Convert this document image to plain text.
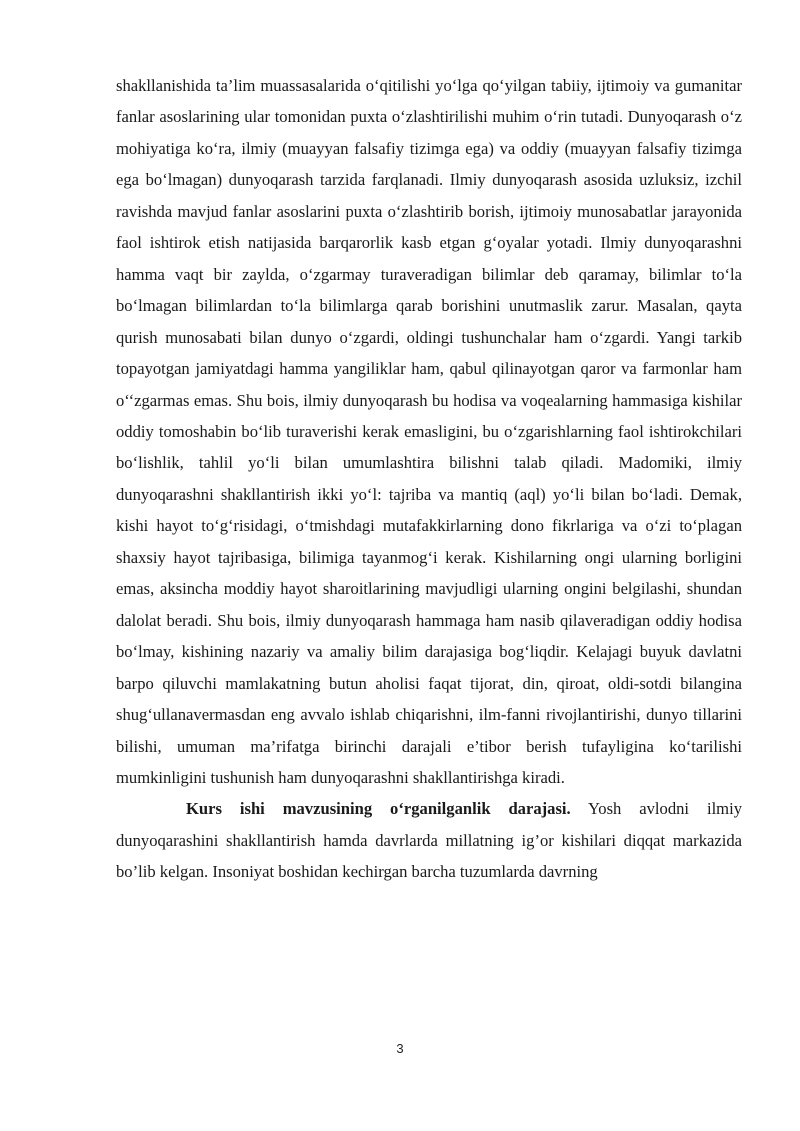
shakllanishida ta’lim muassasalarida o‘qitilishi yo‘lga qo‘yilgan tabiiy, ijtimoiy va gumanitar fanlar asoslarining ular tomonidan puxta o‘zlashtirilishi muhim o‘rin tutadi. Dunyoqarash o‘z mohiyatiga ko‘ra, ilmiy (muayyan falsafiy tizimga ega) va oddiy (muayyan falsafiy tizimga ega bo‘lmagan) dunyoqarash tarzida farqlanadi. Ilmiy dunyoqarash asosida uzluksiz, izchil ravishda mavjud fanlar asoslarini puxta o‘zlashtirib borish, ijtimoiy munosabatlar jarayonida faol ishtirok etish natijasida barqarorlik kasb etgan g‘oyalar yotadi. Ilmiy dunyoqarashni hamma vaqt bir zaylda, o‘zgarmay turaveradigan bilimlar deb qaramay, bilimlar to‘la bo‘lmagan bilimlardan to‘la bilimlarga qarab borishini unutmaslik zarur. Masalan, qayta qurish munosabati bilan dunyo o‘zgardi, oldingi tushunchalar ham o‘zgardi. Yangi tarkib topayotgan jamiyatdagi hamma yangiliklar ham, qabul qilinayotgan qaror va farmonlar ham o‘‘zgarmas emas. Shu bois, ilmiy dunyoqarash bu hodisa va voqealarning hammasiga kishilar oddiy tomoshabin bo‘lib turaverishi kerak emasligini, bu o‘zgarishlarning faol ishtirokchilari bo‘lishlik, tahlil yo‘li bilan umumlashtira bilishni talab qiladi. Madomiki, ilmiy dunyoqarashni shakllantirish ikki yo‘l: tajriba va mantiq (aql) yo‘li bilan bo‘ladi. Demak, kishi hayot to‘g‘risidagi, o‘tmishdagi mutafakkirlarning dono fikrlariga va o‘zi to‘plagan shaxsiy hayot tajribasiga, bilimiga tayanmog‘i kerak. Kishilarning ongi ularning borligini emas, aksincha moddiy hayot sharoitlarining mavjudligi ularning ongini belgilashi, shundan dalolat beradi. Shu bois, ilmiy dunyoqarash hammaga ham nasib qilaveradigan oddiy hodisa bo‘lmay, kishining nazariy va amaliy bilim darajasiga bog‘liqdir. Kelajagi buyuk davlatni barpo qiluvchi mamlakatning butun aholisi faqat tijorat, din, qiroat, oldi-sotdi bilangina shug‘ullanavermasdan eng avvalo ishlab chiqarishni, ilm-fanni rivojlantirishi, dunyo tillarini bilishi, umuman ma’rifatga birinchi darajali e’tibor berish tufayligina ko‘tarilishi mumkinligini tushunish ham dunyoqarashni shakllantirishga kiradi.

Kurs ishi mavzusining o‘rganilganlik darajasi. Yosh avlodni ilmiy dunyoqarashini shakllantirish hamda davrlarda millatning ig’or kishilari diqqat markazida bo’lib kelgan. Insoniyat boshidan kechirgan barcha tuzumlarda davrning

3
